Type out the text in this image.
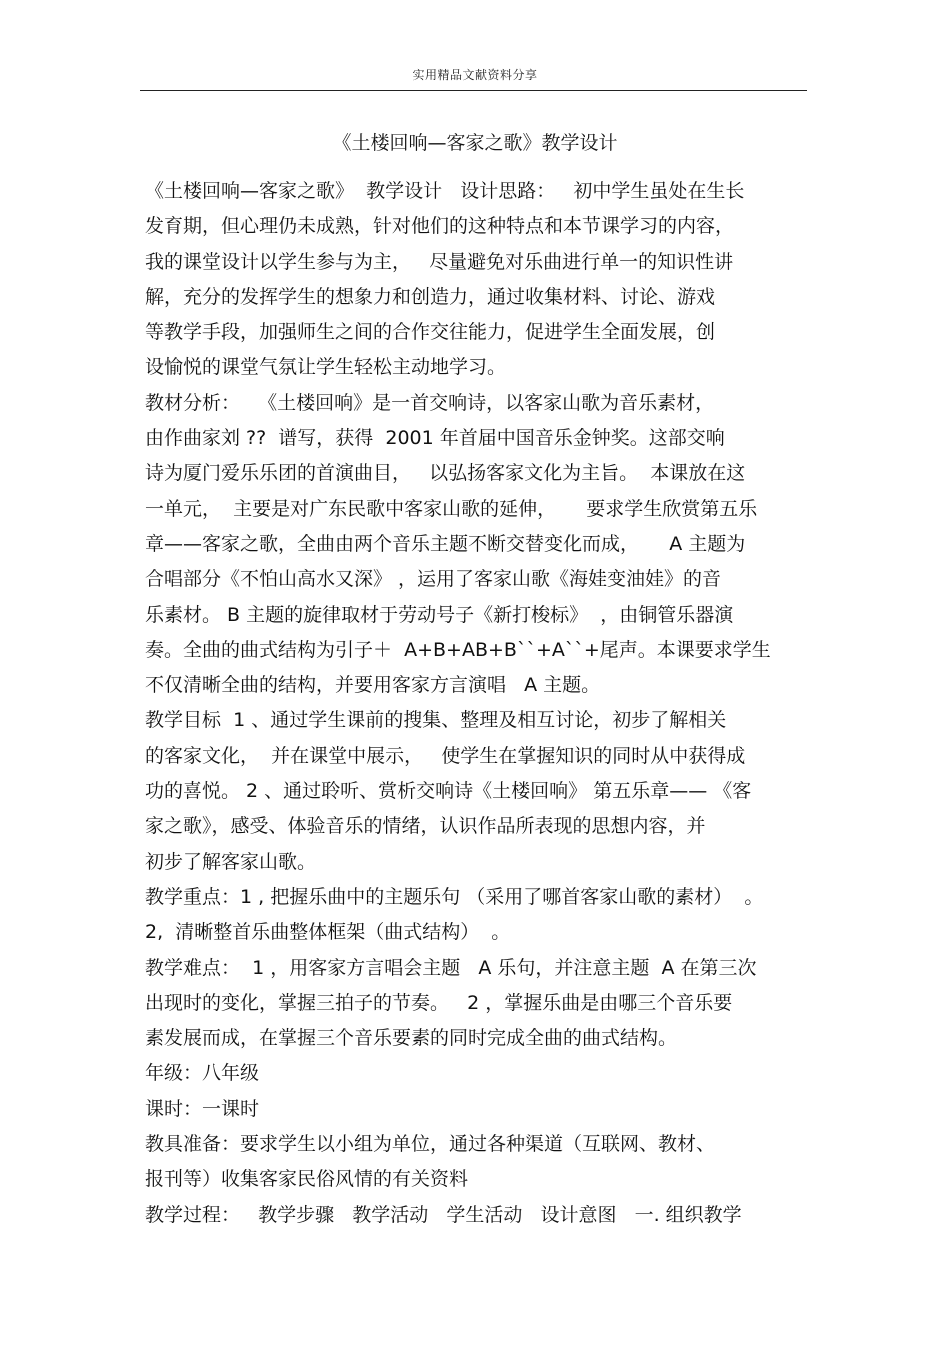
实用精品文献资料分享
《土楼回响—客家之歌》教学设计
《土楼回响—客家之歌》  教学设计   设计思路：   初中学生虽处在生长
发育期，但心理仍未成熟，针对他们的这种特点和本节课学习的内容，
我的课堂设计以学生参与为主，   尽量避免对乐曲进行单一的知识性讲
解，充分的发挥学生的想象力和创造力，通过收集材料、讨论、游戏
等教学手段，加强师生之间的合作交往能力，促进学生全面发展，创
设愉悦的课堂气氛让学生轻松主动地学习。
教材分析：   《土楼回响》是一首交响诗，以客家山歌为音乐素材，
由作曲家刘 ??  谱写，获得  2001 年首届中国音乐金钟奖。这部交响
诗为厦门爱乐乐团的首演曲目，   以弘扬客家文化为主旨。  本课放在这
一单元，  主要是对广东民歌中客家山歌的延伸，     要求学生欣赏第五乐
章——客家之歌，全曲由两个音乐主题不断交替变化而成，     A 主题为
合唱部分《不怕山高水又深》 ，运用了客家山歌《海娃变油娃》的音
乐素材。 B 主题的旋律取材于劳动号子《新打梭标》  ，由铜管乐器演
奏。全曲的曲式结构为引子＋  A+B+AB+B``+A``+尾声。本课要求学生
不仅清晰全曲的结构，并要用客家方言演唱   A 主题。
教学目标  1 、通过学生课前的搜集、整理及相互讨论，初步了解相关
的客家文化，  并在课堂中展示，   使学生在掌握知识的同时从中获得成
功的喜悦。 2 、通过聆听、赏析交响诗《土楼回响》 第五乐章—— 《客
家之歌》，感受、体验音乐的情绪，认识作品所表现的思想内容，并
初步了解客家山歌。
教学重点：1 , 把握乐曲中的主题乐句 （采用了哪首客家山歌的素材）  。
2,  清晰整首乐曲整体框架（曲式结构）  。
教学难点：  1 ，用客家方言唱会主题   A 乐句，并注意主题  A 在第三次
出现时的变化，掌握三拍子的节奏。   2 ，掌握乐曲是由哪三个音乐要
素发展而成，在掌握三个音乐要素的同时完成全曲的曲式结构。
年级：八年级
课时：一课时
教具准备：要求学生以小组为单位，通过各种渠道（互联网、教材、
报刊等）收集客家民俗风情的有关资料
教学过程：   教学步骤   教学活动   学生活动   设计意图   一. 组织教学
